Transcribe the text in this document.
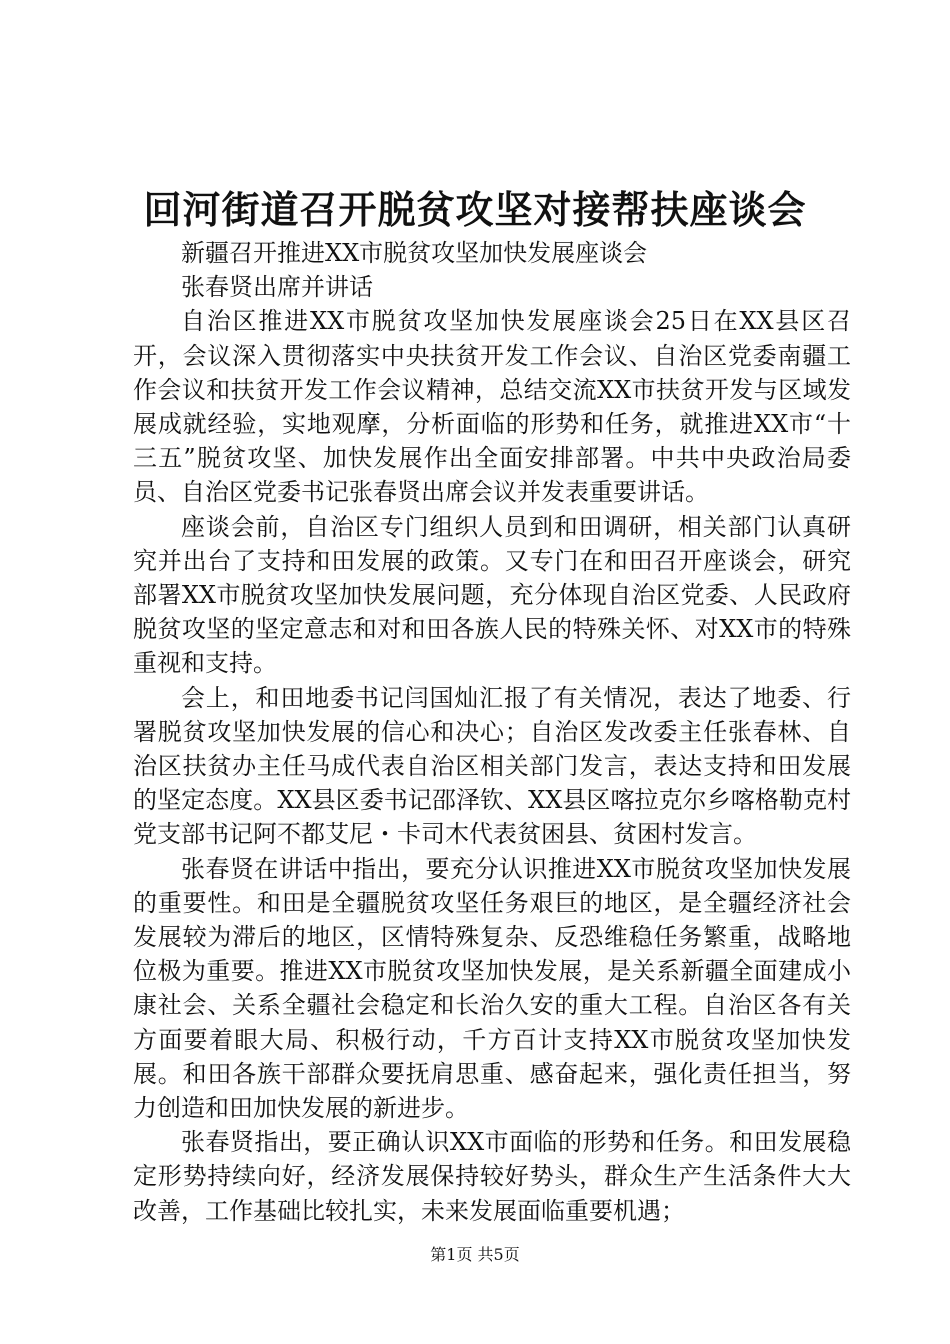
回河街道召开脱贫攻坚对接帮扶座谈会

新疆召开推进XX市脱贫攻坚加快发展座谈会

张春贤出席并讲话

自治区推进XX市脱贫攻坚加快发展座谈会25日在XX县区召开，会议深入贯彻落实中央扶贫开发工作会议、自治区党委南疆工作会议和扶贫开发工作会议精神，总结交流XX市扶贫开发与区域发展成就经验，实地观摩，分析面临的形势和任务，就推进XX市“十三五”脱贫攻坚、加快发展作出全面安排部署。中共中央政治局委员、自治区党委书记张春贤出席会议并发表重要讲话。

座谈会前，自治区专门组织人员到和田调研，相关部门认真研究并出台了支持和田发展的政策。又专门在和田召开座谈会，研究部署XX市脱贫攻坚加快发展问题，充分体现自治区党委、人民政府脱贫攻坚的坚定意志和对和田各族人民的特殊关怀、对XX市的特殊重视和支持。

会上，和田地委书记闫国灿汇报了有关情况，表达了地委、行署脱贫攻坚加快发展的信心和决心；自治区发改委主任张春林、自治区扶贫办主任马成代表自治区相关部门发言，表达支持和田发展的坚定态度。XX县区委书记邵泽钦、XX县区喀拉克尔乡喀格勒克村党支部书记阿不都艾尼・卡司木代表贫困县、贫困村发言。

张春贤在讲话中指出，要充分认识推进XX市脱贫攻坚加快发展的重要性。和田是全疆脱贫攻坚任务艰巨的地区，是全疆经济社会发展较为滞后的地区，区情特殊复杂、反恐维稳任务繁重，战略地位极为重要。推进XX市脱贫攻坚加快发展，是关系新疆全面建成小康社会、关系全疆社会稳定和长治久安的重大工程。自治区各有关方面要着眼大局、积极行动，千方百计支持XX市脱贫攻坚加快发展。和田各族干部群众要抚肩思重、感奋起来，强化责任担当，努力创造和田加快发展的新进步。

张春贤指出，要正确认识XX市面临的形势和任务。和田发展稳定形势持续向好，经济发展保持较好势头，群众生产生活条件大大改善，工作基础比较扎实，未来发展面临重要机遇；

第1页 共5页
